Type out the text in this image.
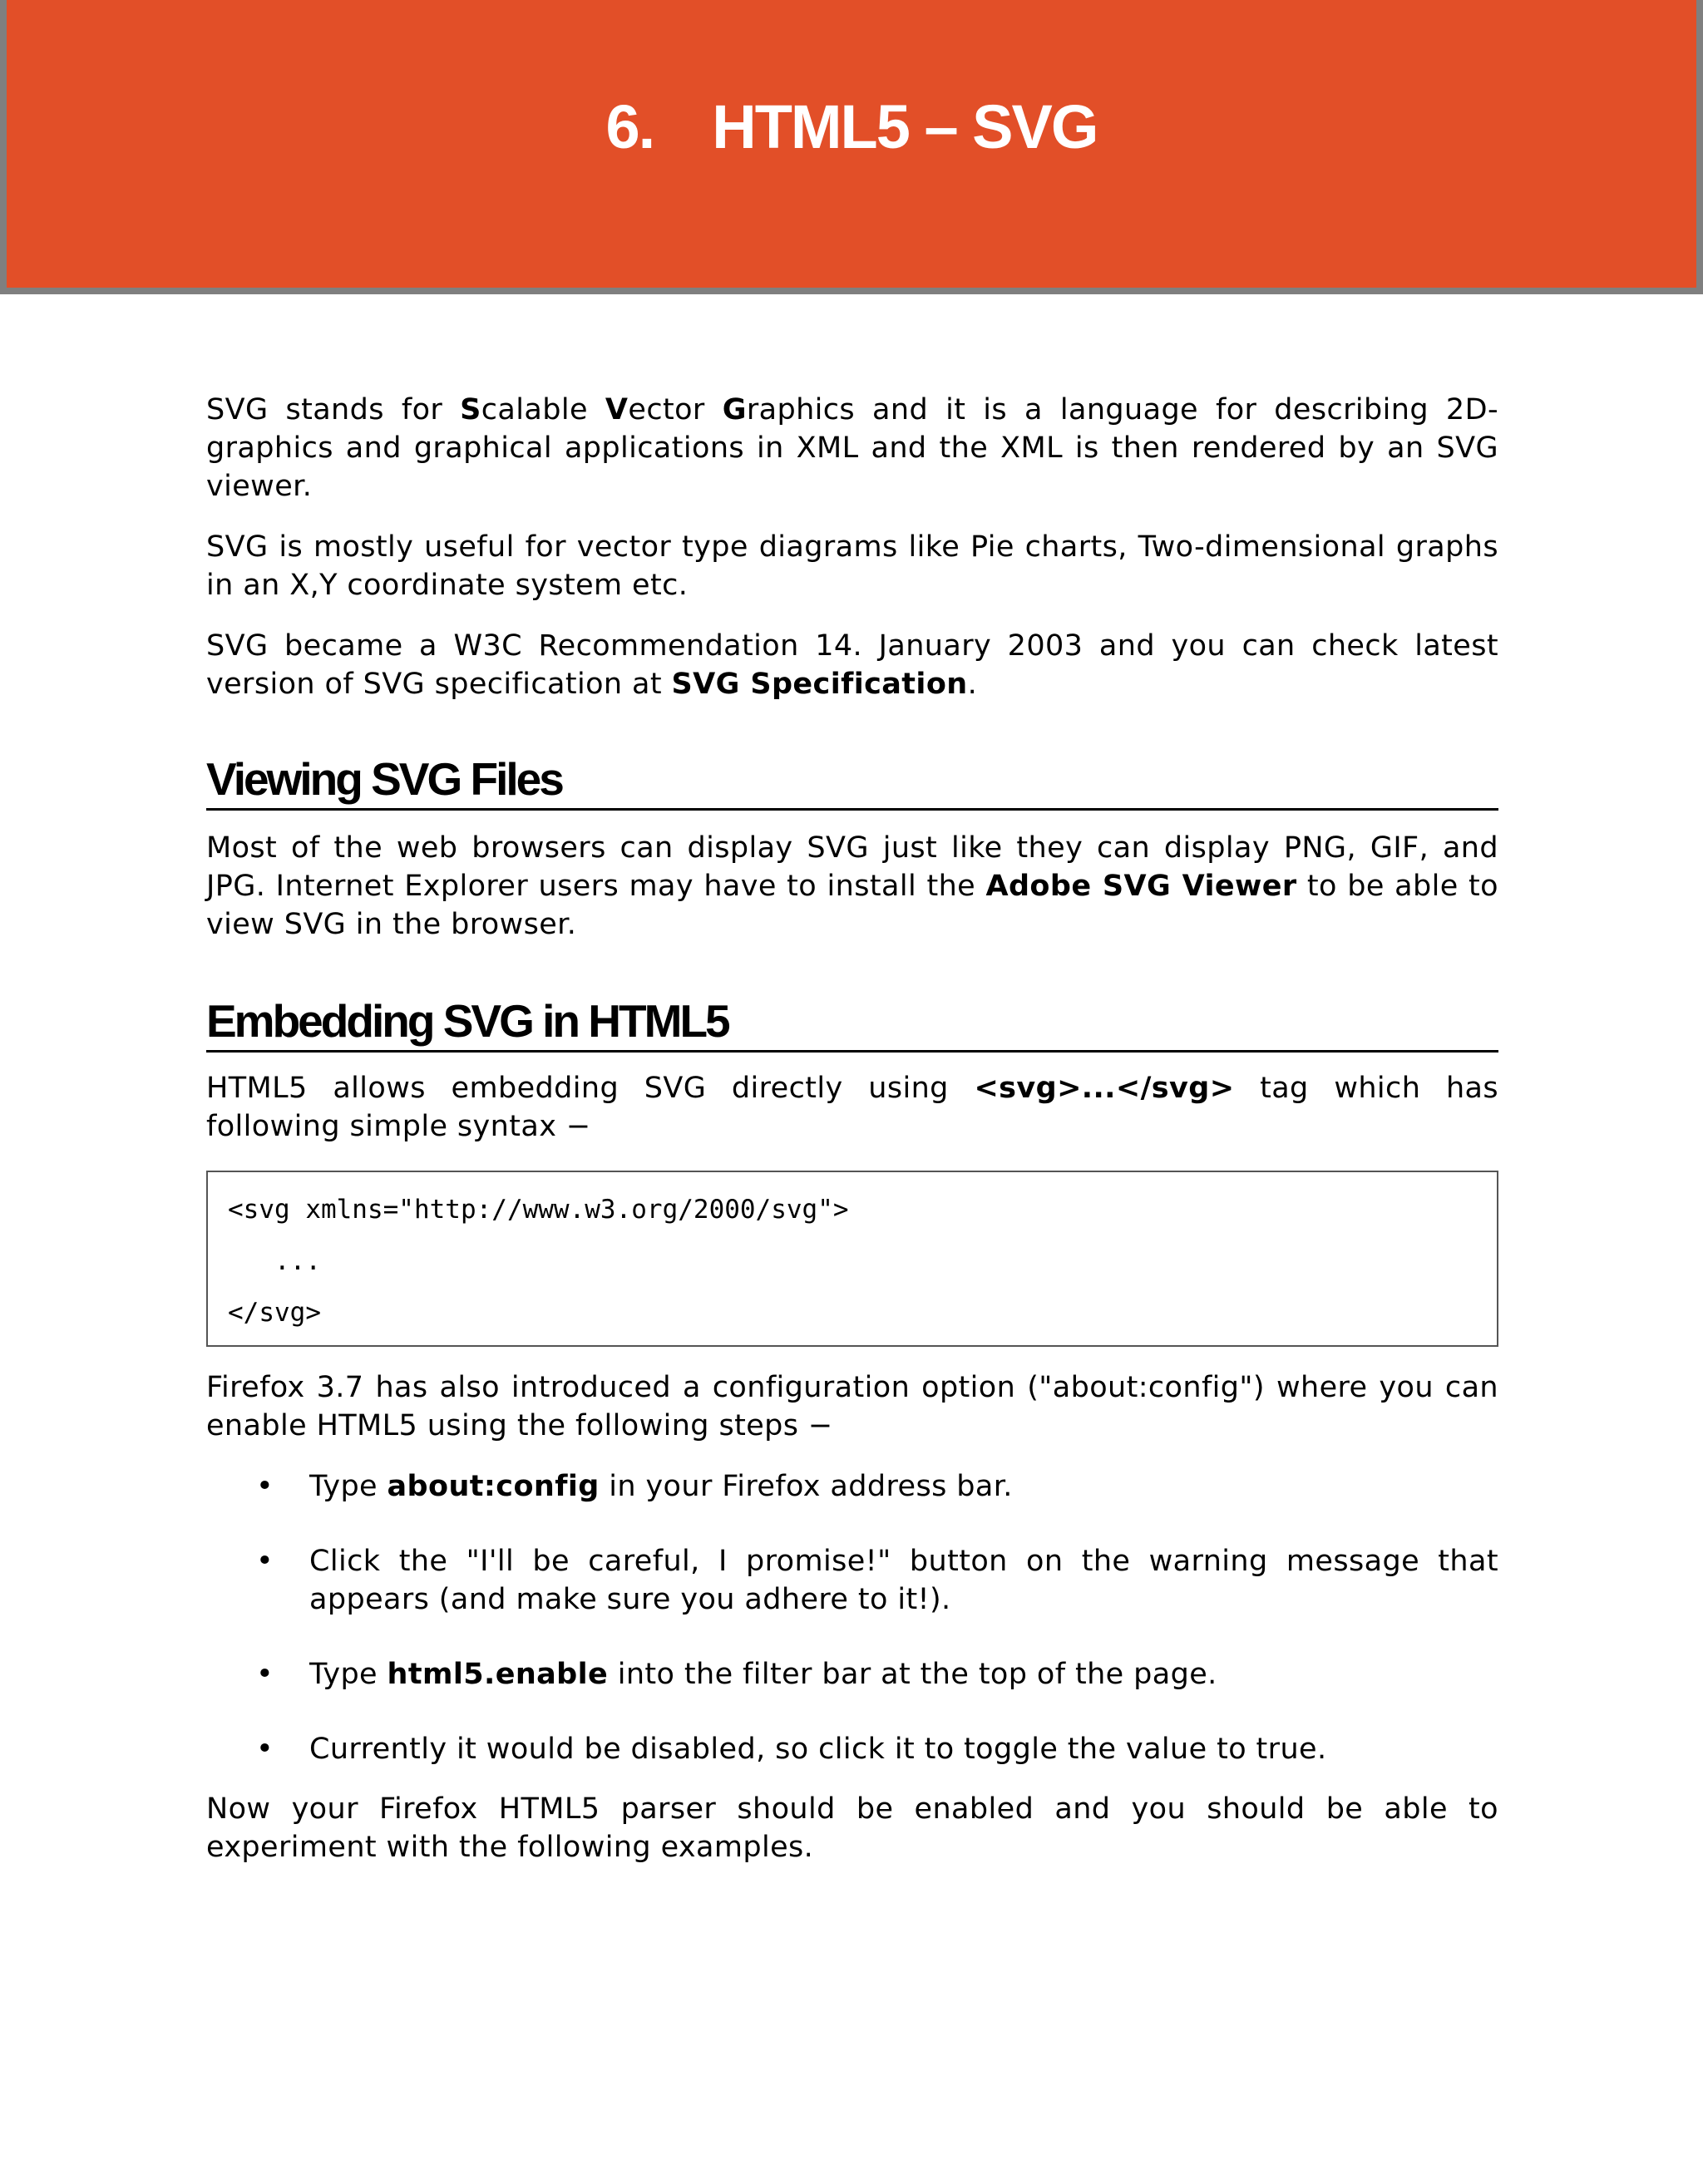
6. HTML5 – SVG

SVG stands for Scalable Vector Graphics and it is a language for describing 2D-graphics and graphical applications in XML and the XML is then rendered by an SVG viewer.

SVG is mostly useful for vector type diagrams like Pie charts, Two-dimensional graphs in an X,Y coordinate system etc.

SVG became a W3C Recommendation 14. January 2003 and you can check latest version of SVG specification at SVG Specification.

Viewing SVG Files

Most of the web browsers can display SVG just like they can display PNG, GIF, and JPG. Internet Explorer users may have to install the Adobe SVG Viewer to be able to view SVG in the browser.

Embedding SVG in HTML5

HTML5 allows embedding SVG directly using <svg>...</svg> tag which has following simple syntax −

<svg xmlns="http://www.w3.org/2000/svg">
...
</svg>

Firefox 3.7 has also introduced a configuration option ("about:config") where you can enable HTML5 using the following steps −

• Type about:config in your Firefox address bar.
• Click the "I'll be careful, I promise!" button on the warning message that appears (and make sure you adhere to it!).
• Type html5.enable into the filter bar at the top of the page.
• Currently it would be disabled, so click it to toggle the value to true.

Now your Firefox HTML5 parser should be enabled and you should be able to experiment with the following examples.
